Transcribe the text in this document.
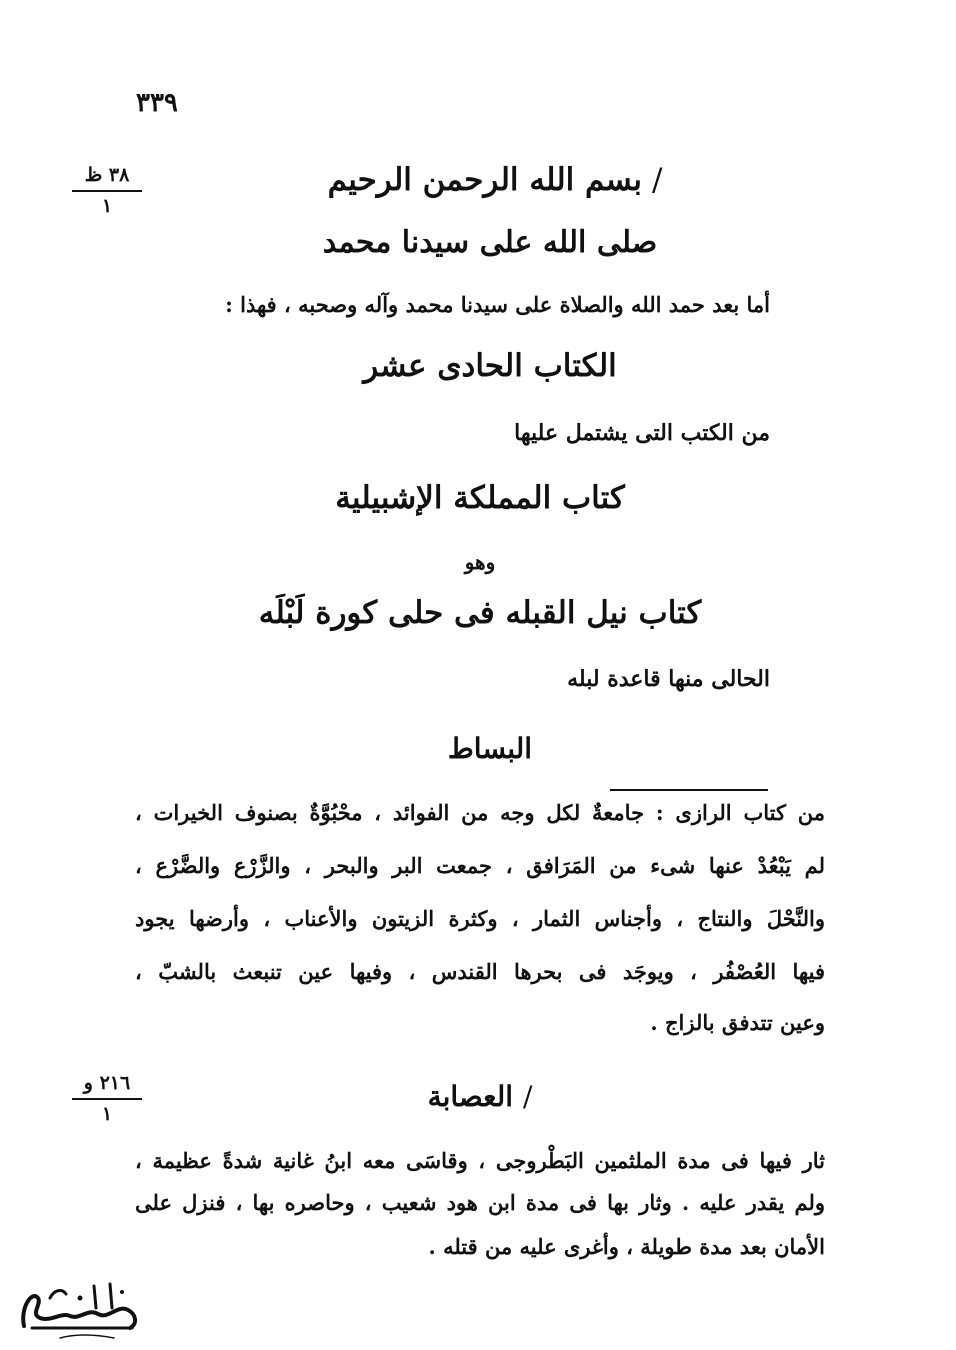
٣٣٩
٣٨ ظ
١
٢١٦ و
١
/بسم الله الرحمن الرحيم
صلى الله على سيدنا محمد
أما بعد حمد الله والصلاة على سيدنا محمد وآله وصحبه ، فهذا :
الكتاب الحادى عشر
من الكتب التى يشتمل عليها
كتاب المملكة الإشبيلية
وهو
كتاب نيل القبله فى حلى كورة لَبْلَه
الحالى منها قاعدة لبله
البساط
من كتاب الرازى : جامعةٌ لكل وجه من الفوائد ، محْبُوَّةٌ بصنوف الخيرات ،
لم يَبْعُدْ عنها شىء من المَرَافق ، جمعت البر والبحر ، والزَّرْع والضَّرْع ،
والنَّحْلَ والنتاج ، وأجناس الثمار ، وكثرة الزيتون والأعناب ، وأرضها يجود
فيها العُصْفُر ، ويوجَد فى بحرها القندس ، وفيها عين تنبعث بالشبّ ،
وعين تتدفق بالزاج .
/العصابة
ثار فيها فى مدة الملثمين البَطْروجى ، وقاسَى معه ابنُ غانية شدةً عظيمة ،
ولم يقدر عليه . وثار بها فى مدة ابن هود شعيب ، وحاصره بها ، فنزل على
الأمان بعد مدة طويلة ، وأغرى عليه من قتله .
